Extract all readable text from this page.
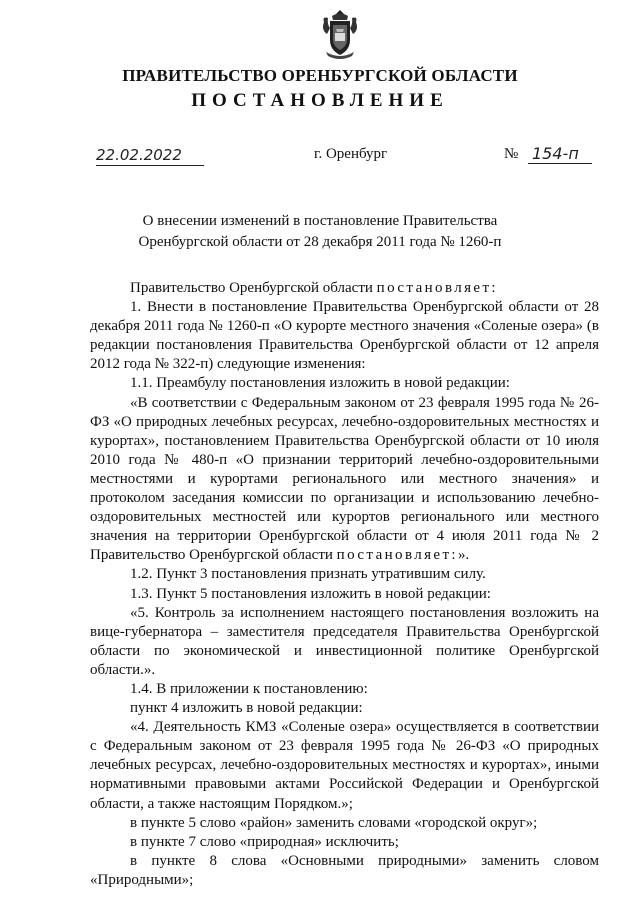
ПРАВИТЕЛЬСТВО ОРЕНБУРГСКОЙ ОБЛАСТИ
ПОСТАНОВЛЕНИЕ
22.02.2022	г. Оренбург	№ 154-п
О внесении изменений в постановление Правительства
Оренбургской области от 28 декабря 2011 года № 1260-п

Правительство Оренбургской области постановляет:

1. Внести в постановление Правительства Оренбургской области от 28 декабря 2011 года № 1260-п «О курорте местного значения «Соленые озера» (в редакции постановления Правительства Оренбургской области от 12 апреля 2012 года № 322-п) следующие изменения:

1.1. Преамбулу постановления изложить в новой редакции:

«В соответствии с Федеральным законом от 23 февраля 1995 года № 26-ФЗ «О природных лечебных ресурсах, лечебно-оздоровительных местностях и курортах», постановлением Правительства Оренбургской области от 10 июля 2010 года № 480-п «О признании территорий лечебно-оздоровительными местностями и курортами регионального или местного значения» и протоколом заседания комиссии по организации и использованию лечебно-оздоровительных местностей или курортов регионального или местного значения на территории Оренбургской области от 4 июля 2011 года № 2 Правительство Оренбургской области постановляет:».

1.2. Пункт 3 постановления признать утратившим силу.

1.3. Пункт 5 постановления изложить в новой редакции:

«5. Контроль за исполнением настоящего постановления возложить на вице-губернатора – заместителя председателя Правительства Оренбургской области по экономической и инвестиционной политике Оренбургской области.».

1.4. В приложении к постановлению:

пункт 4 изложить в новой редакции:

«4. Деятельность КМЗ «Соленые озера» осуществляется в соответствии с Федеральным законом от 23 февраля 1995 года № 26-ФЗ «О природных лечебных ресурсах, лечебно-оздоровительных местностях и курортах», иными нормативными правовыми актами Российской Федерации и Оренбургской области, а также настоящим Порядком.»;

в пункте 5 слово «район» заменить словами «городской округ»;

в пункте 7 слово «природная» исключить;

в пункте 8 слова «Основными природными» заменить словом «Природными»;
